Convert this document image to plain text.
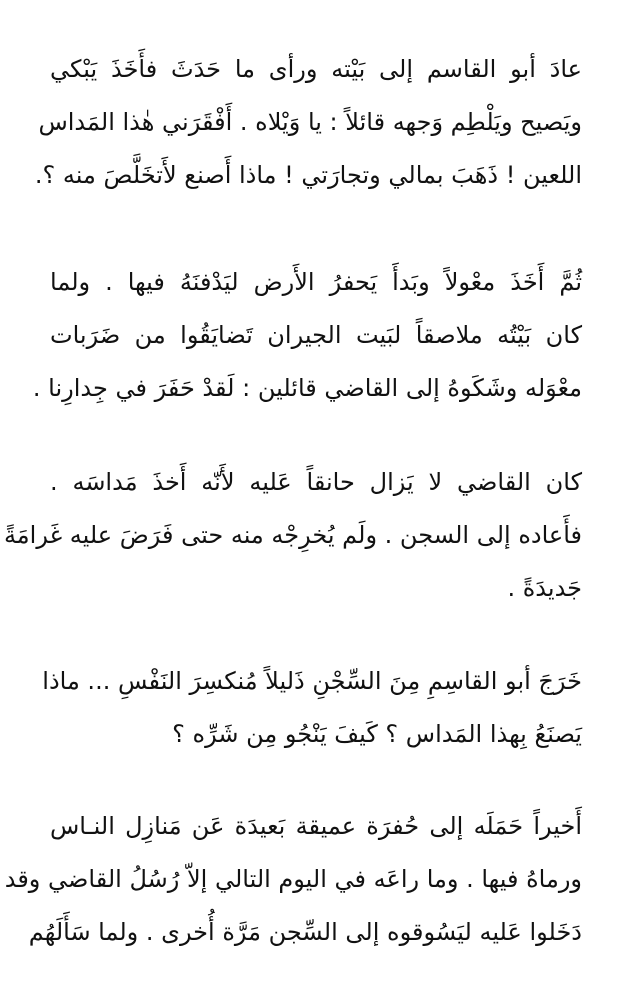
عادَ أبو القاسم إلى بَيْته ورأى ما حَدَثَ فأَخَذَ يَبْكي
ويَصيح ويَلْطِم وَجهه قائلاً : يا وَيْلاه . أَفْقَرَني هٰذا المَداس
اللعين ! ذَهَبَ بمالي وتجارَتي ! ماذا أَصنع لأَتخَلَّصَ منه ؟.
ثُمَّ أَخَذَ معْولاً وبَدأَ يَحفرُ الأَرض ليَدْفنَهُ فيها . ولما
كان بَيْتُه ملاصقاً لبَيت الجيران تَضايَقُوا من ضَرَبات
معْوَله وشَكَوهُ إلى القاضي قائلين : لَقدْ حَفَرَ في جِدارِنا .
كان القاضي لا يَزال حانقاً عَليه لأَنّه أَخذَ مَداسَه .
فأَعاده إلى السجن . ولَم يُخرِجْه منه حتى فَرَضَ عليه غَرامَةً
جَديدَةً .
خَرَجَ أبو القاسِمِ مِنَ السِّجْنِ ذَليلاً مُنكسِرَ النَفْسِ ... ماذا
يَصنَعُ بِهذا المَداس ؟ كَيفَ يَنْجُو مِن شَرِّه ؟
أَخيراً حَمَلَه إلى حُفرَة عميقة بَعيدَة عَن مَنازِل النـاس
ورماهُ فيها . وما راعَه في اليوم التالي إلاّ رُسُلُ القاضي وقد
دَخَلوا عَليه ليَسُوقوه إلى السِّجن مَرَّة أُخرى . ولما سَأَلَهُم
